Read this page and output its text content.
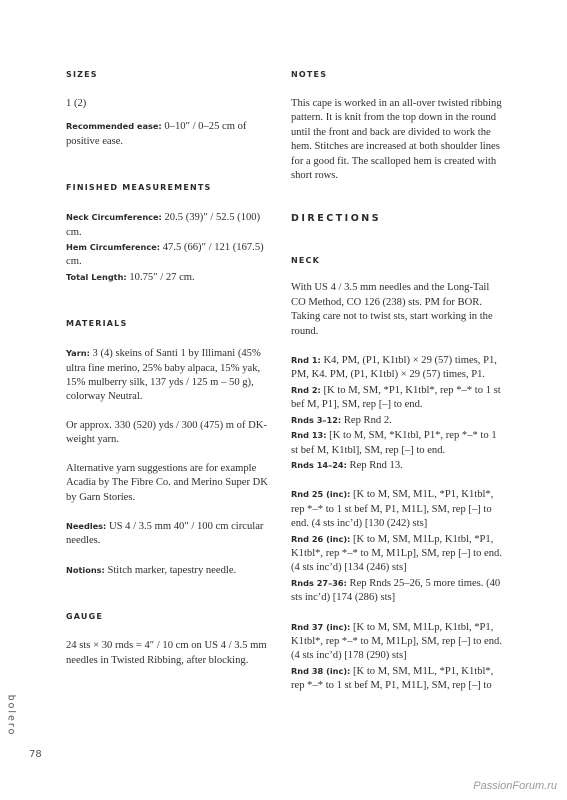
SIZES

1 (2)

Recommended ease: 0–10″ / 0–25 cm of positive ease.

FINISHED MEASUREMENTS

Neck Circumference: 20.5 (39)″ / 52.5 (100) cm.

Hem Circumference: 47.5 (66)″ / 121 (167.5) cm.

Total Length: 10.75″ / 27 cm.

MATERIALS

Yarn: 3 (4) skeins of Santi 1 by Illimani (45% ultra fine merino, 25% baby alpaca, 15% yak, 15% mulberry silk, 137 yds / 125 m – 50 g), colorway Neutral.

Or approx. 330 (520) yds / 300 (475) m of DK-weight yarn.

Alternative yarn suggestions are for example Acadia by The Fibre Co. and Merino Super DK by Garn Stories.

Needles: US 4 / 3.5 mm 40″ / 100 cm circular needles.

Notions: Stitch marker, tapestry needle.

GAUGE

24 sts × 30 rnds = 4″ / 10 cm on US 4 / 3.5 mm needles in Twisted Ribbing, after blocking.

NOTES

This cape is worked in an all-over twisted ribbing pattern. It is knit from the top down in the round until the front and back are divided to work the hem. Stitches are increased at both shoulder lines for a good fit. The scalloped hem is created with short rows.

DIRECTIONS
NECK

With US 4 / 3.5 mm needles and the Long-Tail CO Method, CO 126 (238) sts. PM for BOR. Taking care not to twist sts, start working in the round.

Rnd 1: K4, PM, (P1, K1tbl) × 29 (57) times, P1, PM, K4. PM, (P1, K1tbl) × 29 (57) times, P1.

Rnd 2: [K to M, SM, *P1, K1tbl*, rep *–* to 1 st bef M, P1], SM, rep [–] to end.

Rnds 3–12: Rep Rnd 2.

Rnd 13: [K to M, SM, *K1tbl, P1*, rep *–* to 1 st bef M, K1tbl], SM, rep [–] to end.

Rnds 14–24: Rep Rnd 13.

Rnd 25 (inc): [K to M, SM, M1L, *P1, K1tbl*, rep *–* to 1 st bef M, P1, M1L], SM, rep [–] to end. (4 sts inc’d) [130 (242) sts]

Rnd 26 (inc): [K to M, SM, M1Lp, K1tbl, *P1, K1tbl*, rep *–* to M, M1Lp], SM, rep [–] to end. (4 sts inc’d) [134 (246) sts]

Rnds 27–36: Rep Rnds 25–26, 5 more times. (40 sts inc’d) [174 (286) sts]

Rnd 37 (inc): [K to M, SM, M1Lp, K1tbl, *P1, K1tbl*, rep *–* to M, M1Lp], SM, rep [–] to end. (4 sts inc’d) [178 (290) sts]

Rnd 38 (inc): [K to M, SM, M1L, *P1, K1tbl*, rep *–* to 1 st bef M, P1, M1L], SM, rep [–] to

bolero
78
PassionForum.ru
